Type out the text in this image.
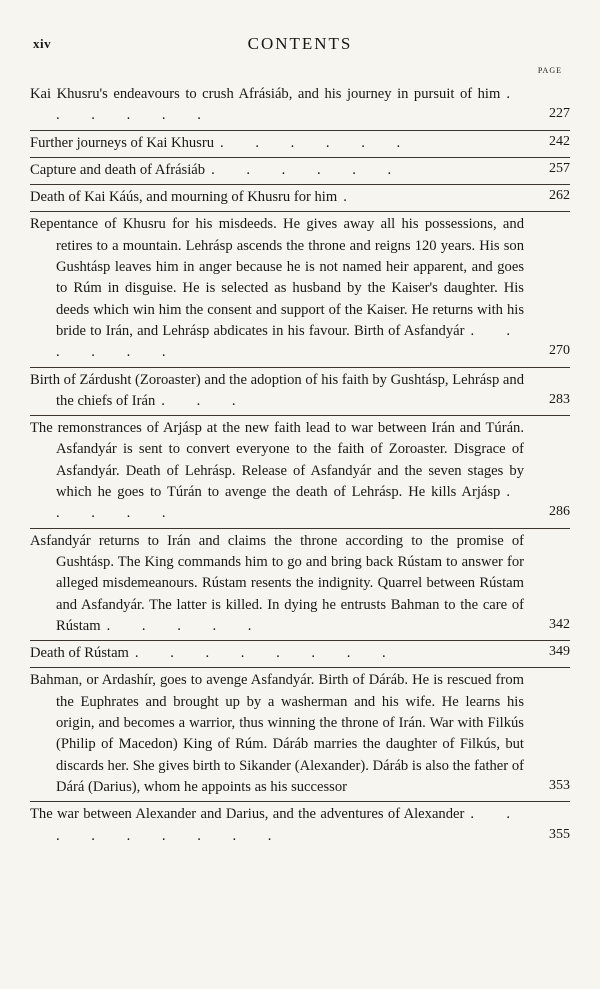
xiv	CONTENTS
PAGE
Kai Khusru's endeavours to crush Afrásiáb, and his journey in pursuit of him . . . . . .	227
Further journeys of Kai Khusru . . . . . .	242
Capture and death of Afrásiáb . . . . . .	257
Death of Kai Káús, and mourning of Khusru for him .	262
Repentance of Khusru for his misdeeds. He gives away all his possessions, and retires to a mountain. Lehrásp ascends the throne and reigns 120 years. His son Gushtásp leaves him in anger because he is not named heir apparent, and goes to Rúm in disguise. He is selected as husband by the Kaiser's daughter. His deeds which win him the consent and support of the Kaiser. He returns with his bride to Irán, and Lehrásp abdicates in his favour. Birth of Asfandyár . . . . . .	270
Birth of Zárdusht (Zoroaster) and the adoption of his faith by Gushtásp, Lehrásp and the chiefs of Irán . . .	283
The remonstrances of Arjásp at the new faith lead to war between Irán and Túrán. Asfandyár is sent to convert everyone to the faith of Zoroaster. Disgrace of Asfandyár. Death of Lehrásp. Release of Asfandyár and the seven stages by which he goes to Túrán to avenge the death of Lehrásp. He kills Arjásp . . . . .	286
Asfandyár returns to Irán and claims the throne according to the promise of Gushtásp. The King commands him to go and bring back Rústam to answer for alleged misdemeanours. Rústam resents the indignity. Quarrel between Rústam and Asfandyár. The latter is killed. In dying he entrusts Bahman to the care of Rústam . . . . .	342
Death of Rústam . . . . . . . .	349
Bahman, or Ardashír, goes to avenge Asfandyár. Birth of Dáráb. He is rescued from the Euphrates and brought up by a washerman and his wife. He learns his origin, and becomes a warrior, thus winning the throne of Irán. War with Filkús (Philip of Macedon) King of Rúm. Dáráb marries the daughter of Filkús, but discards her. She gives birth to Sikander (Alexander). Dáráb is also the father of Dárá (Darius), whom he appoints as his successor	353
The war between Alexander and Darius, and the adventures of Alexander . . . . . . . . .	355
